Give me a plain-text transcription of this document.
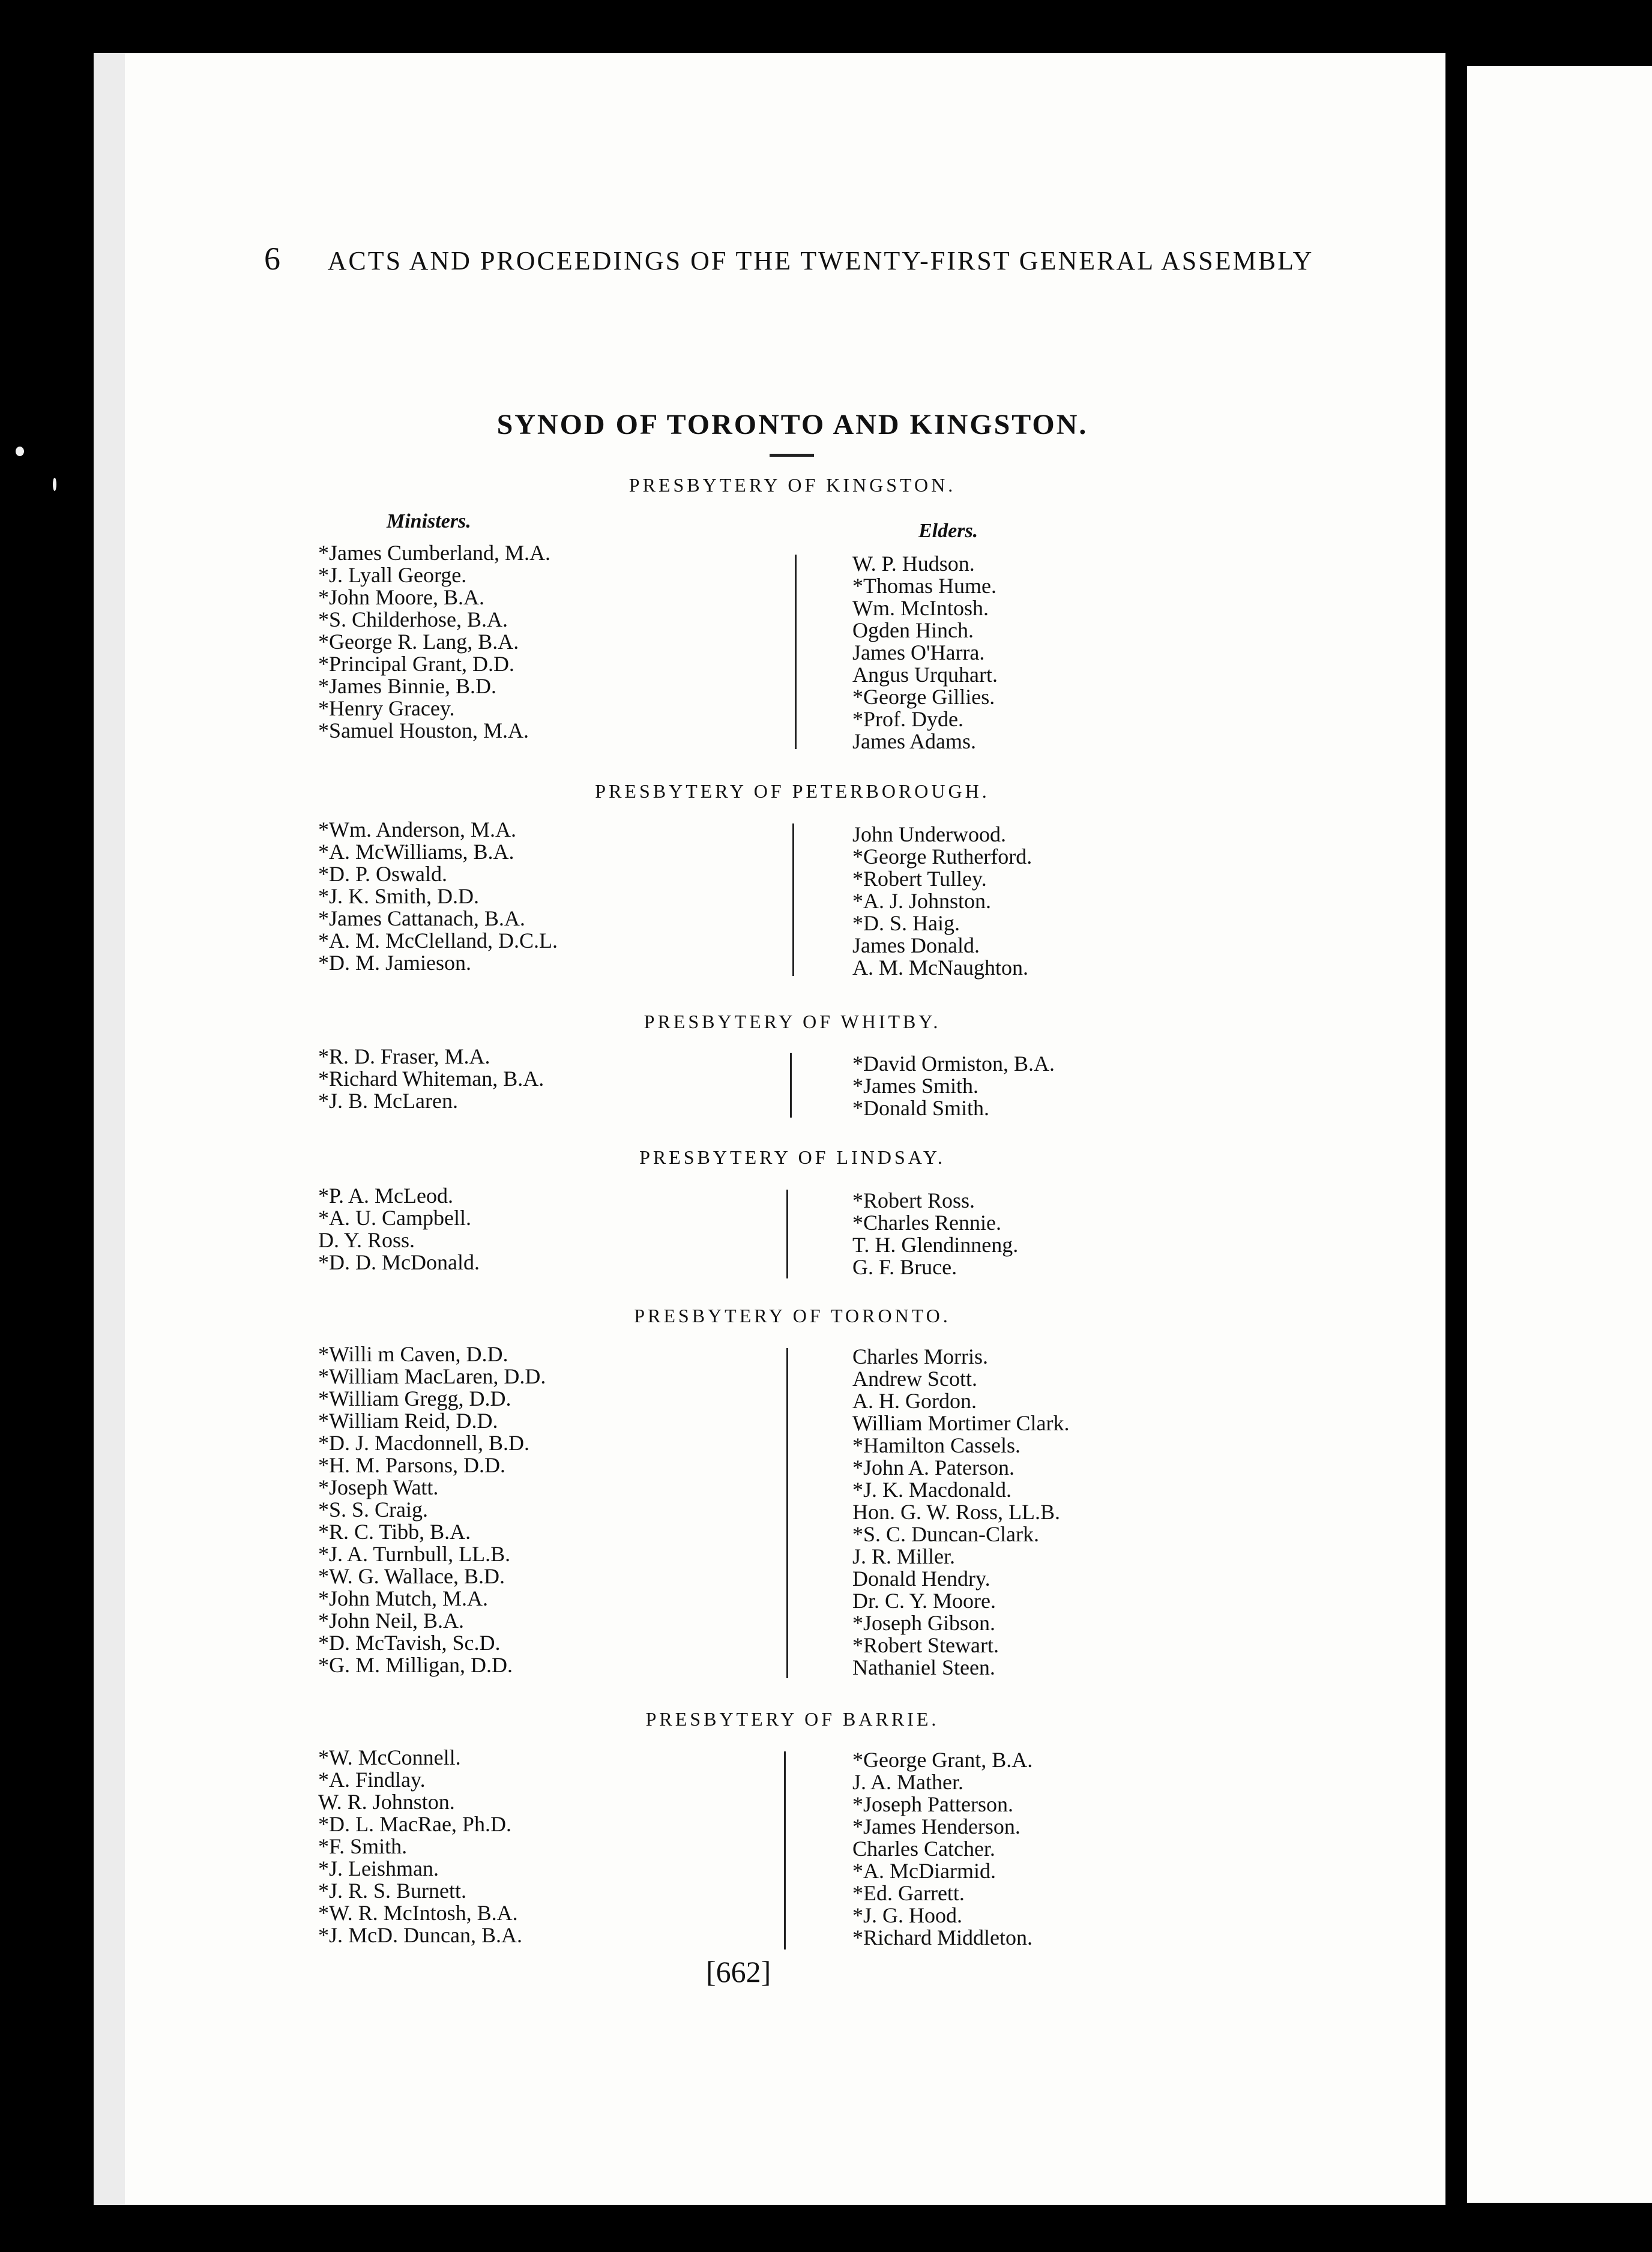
6 ACTS AND PROCEEDINGS OF THE TWENTY-FIRST GENERAL ASSEMBLY
SYNOD OF TORONTO AND KINGSTON.
PRESBYTERY OF KINGSTON.
Ministers.	Elders.
*James Cumberland, M.A.
*J. Lyall George.
*John Moore, B.A.
*S. Childerhose, B.A.
*George R. Lang, B.A.
*Principal Grant, D.D.
*James Binnie, B.D.
*Henry Gracey.
*Samuel Houston, M.A.
W. P. Hudson.
*Thomas Hume.
Wm. McIntosh.
Ogden Hinch.
James O'Harra.
Angus Urquhart.
*George Gillies.
*Prof. Dyde.
James Adams.
PRESBYTERY OF PETERBOROUGH.
*Wm. Anderson, M.A.
*A. McWilliams, B.A.
*D. P. Oswald.
*J. K. Smith, D.D.
*James Cattanach, B.A.
*A. M. McClelland, D.C.L.
*D. M. Jamieson.
John Underwood.
*George Rutherford.
*Robert Tulley.
*A. J. Johnston.
*D. S. Haig.
James Donald.
A. M. McNaughton.
PRESBYTERY OF WHITBY.
*R. D. Fraser, M.A.
*Richard Whiteman, B.A.
*J. B. McLaren.
*David Ormiston, B.A.
*James Smith.
*Donald Smith.
PRESBYTERY OF LINDSAY.
*P. A. McLeod.
*A. U. Campbell.
D. Y. Ross.
*D. D. McDonald.
*Robert Ross.
*Charles Rennie.
T. H. Glendinneng.
G. F. Bruce.
PRESBYTERY OF TORONTO.
*Willi m Caven, D.D.
*William MacLaren, D.D.
*William Gregg, D.D.
*William Reid, D.D.
*D. J. Macdonnell, B.D.
*H. M. Parsons, D.D.
*Joseph Watt.
*S. S. Craig.
*R. C. Tibb, B.A.
*J. A. Turnbull, LL.B.
*W. G. Wallace, B.D.
*John Mutch, M.A.
*John Neil, B.A.
*D. McTavish, Sc.D.
*G. M. Milligan, D.D.
Charles Morris.
Andrew Scott.
A. H. Gordon.
William Mortimer Clark.
*Hamilton Cassels.
*John A. Paterson.
*J. K. Macdonald.
Hon. G. W. Ross, LL.B.
*S. C. Duncan-Clark.
J. R. Miller.
Donald Hendry.
Dr. C. Y. Moore.
*Joseph Gibson.
*Robert Stewart.
Nathaniel Steen.
PRESBYTERY OF BARRIE.
*W. McConnell.
*A. Findlay.
W. R. Johnston.
*D. L. MacRae, Ph.D.
*F. Smith.
*J. Leishman.
*J. R. S. Burnett.
*W. R. McIntosh, B.A.
*J. McD. Duncan, B.A.
*George Grant, B.A.
J. A. Mather.
*Joseph Patterson.
*James Henderson.
Charles Catcher.
*A. McDiarmid.
*Ed. Garrett.
*J. G. Hood.
*Richard Middleton.
[662]
